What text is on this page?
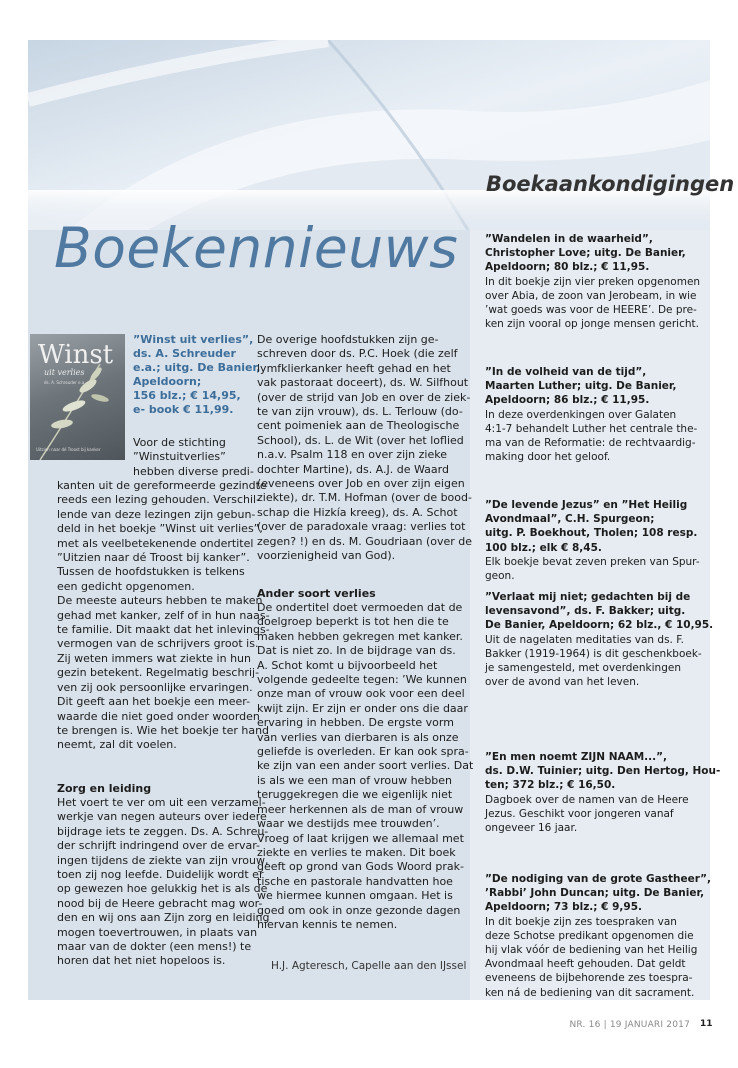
Boekennieuws
Winst
uit verlies
ds. A. Schreuder e.a.
Uitzien naar dé Troost bij kanker
”Winst uit verlies”,
ds. A. Schreuder
e.a.; uitg. De Banier,
Apeldoorn;
156 blz.; € 14,95,
e- book € 11,99.
Voor de stichting
”Winstuitverlies”
hebben diverse predi-
kanten uit de gereformeerde gezindte
reeds een lezing gehouden. Verschil-
lende van deze lezingen zijn gebun-
deld in het boekje ”Winst uit verlies”,
met als veelbetekenende ondertitel
”Uitzien naar dé Troost bij kanker”.
Tussen de hoofdstukken is telkens
een gedicht opgenomen.
De meeste auteurs hebben te maken
gehad met kanker, zelf of in hun naas-
te familie. Dit maakt dat het inlevings-
vermogen van de schrijvers groot is.
Zij weten immers wat ziekte in hun
gezin betekent. Regelmatig beschrij-
ven zij ook persoonlijke ervaringen.
Dit geeft aan het boekje een meer-
waarde die niet goed onder woorden
te brengen is. Wie het boekje ter hand
neemt, zal dit voelen.
Zorg en leiding
Het voert te ver om uit een verzamel-
werkje van negen auteurs over iedere
bijdrage iets te zeggen. Ds. A. Schreu-
der schrijft indringend over de ervar-
ingen tijdens de ziekte van zijn vrouw,
toen zij nog leefde. Duidelijk wordt er
op gewezen hoe gelukkig het is als de
nood bij de Heere gebracht mag wor-
den en wij ons aan Zijn zorg en leiding
mogen toevertrouwen, in plaats van
maar van de dokter (een mens!) te
horen dat het niet hopeloos is.
De overige hoofdstukken zijn ge-
schreven door ds. P.C. Hoek (die zelf
lymfklierkanker heeft gehad en het
vak pastoraat doceert), ds. W. Silfhout
(over de strijd van Job en over de ziek-
te van zijn vrouw), ds. L. Terlouw (do-
cent poimeniek aan de Theologische
School), ds. L. de Wit (over het loflied
n.a.v. Psalm 118 en over zijn zieke
dochter Martine), ds. A.J. de Waard
(eveneens over Job en over zijn eigen
ziekte), dr. T.M. Hofman (over de bood-
schap die Hizkía kreeg), ds. A. Schot
(over de paradoxale vraag: verlies tot
zegen? !) en ds. M. Goudriaan (over de
voorzienigheid van God).
Ander soort verlies
De ondertitel doet vermoeden dat de
doelgroep beperkt is tot hen die te
maken hebben gekregen met kanker.
Dat is niet zo. In de bijdrage van ds.
A. Schot komt u bijvoorbeeld het
volgende gedeelte tegen: ’We kunnen
onze man of vrouw ook voor een deel
kwijt zijn. Er zijn er onder ons die daar
ervaring in hebben. De ergste vorm
van verlies van dierbaren is als onze
geliefde is overleden. Er kan ook spra-
ke zijn van een ander soort verlies. Dat
is als we een man of vrouw hebben
teruggekregen die we eigenlijk niet
meer herkennen als de man of vrouw
waar we destijds mee trouwden’.
Vroeg of laat krijgen we allemaal met
ziekte en verlies te maken. Dit boek
geeft op grond van Gods Woord prak-
tische en pastorale handvatten hoe
we hiermee kunnen omgaan. Het is
goed om ook in onze gezonde dagen
hiervan kennis te nemen.
H.J. Agteresch, Capelle aan den IJssel
Boekaankondigingen
”Wandelen in de waarheid”,
Christopher Love; uitg. De Banier,
Apeldoorn; 80 blz.; € 11,95.
In dit boekje zijn vier preken opgenomen
over Abia, de zoon van Jerobeam, in wie
’wat goeds was voor de HEERE’. De pre-
ken zijn vooral op jonge mensen gericht.
”In de volheid van de tijd”,
Maarten Luther; uitg. De Banier,
Apeldoorn; 86 blz.; € 11,95.
In deze overdenkingen over Galaten
4:1-7 behandelt Luther het centrale the-
ma van de Reformatie: de rechtvaardig-
making door het geloof.
”De levende Jezus” en ”Het Heilig
Avondmaal”, C.H. Spurgeon;
uitg. P. Boekhout, Tholen; 108 resp.
100 blz.; elk € 8,45.
Elk boekje bevat zeven preken van Spur-
geon.
”Verlaat mij niet; gedachten bij de
levensavond”, ds. F. Bakker; uitg.
De Banier, Apeldoorn; 62 blz., € 10,95.
Uit de nagelaten meditaties van ds. F.
Bakker (1919-1964) is dit geschenkboek-
je samengesteld, met overdenkingen
over de avond van het leven.
”En men noemt ZIJN NAAM...”,
ds. D.W. Tuinier; uitg. Den Hertog, Hou-
ten; 372 blz.; € 16,50.
Dagboek over de namen van de Heere
Jezus. Geschikt voor jongeren vanaf
ongeveer 16 jaar.
”De nodiging van de grote Gastheer”,
’Rabbi’ John Duncan; uitg. De Banier,
Apeldoorn; 73 blz.; € 9,95.
In dit boekje zijn zes toespraken van
deze Schotse predikant opgenomen die
hij vlak vóór de bediening van het Heilig
Avondmaal heeft gehouden. Dat geldt
eveneens de bijbehorende zes toespra-
ken ná de bediening van dit sacrament.
NR. 16 | 19 JANUARI 2017 11
